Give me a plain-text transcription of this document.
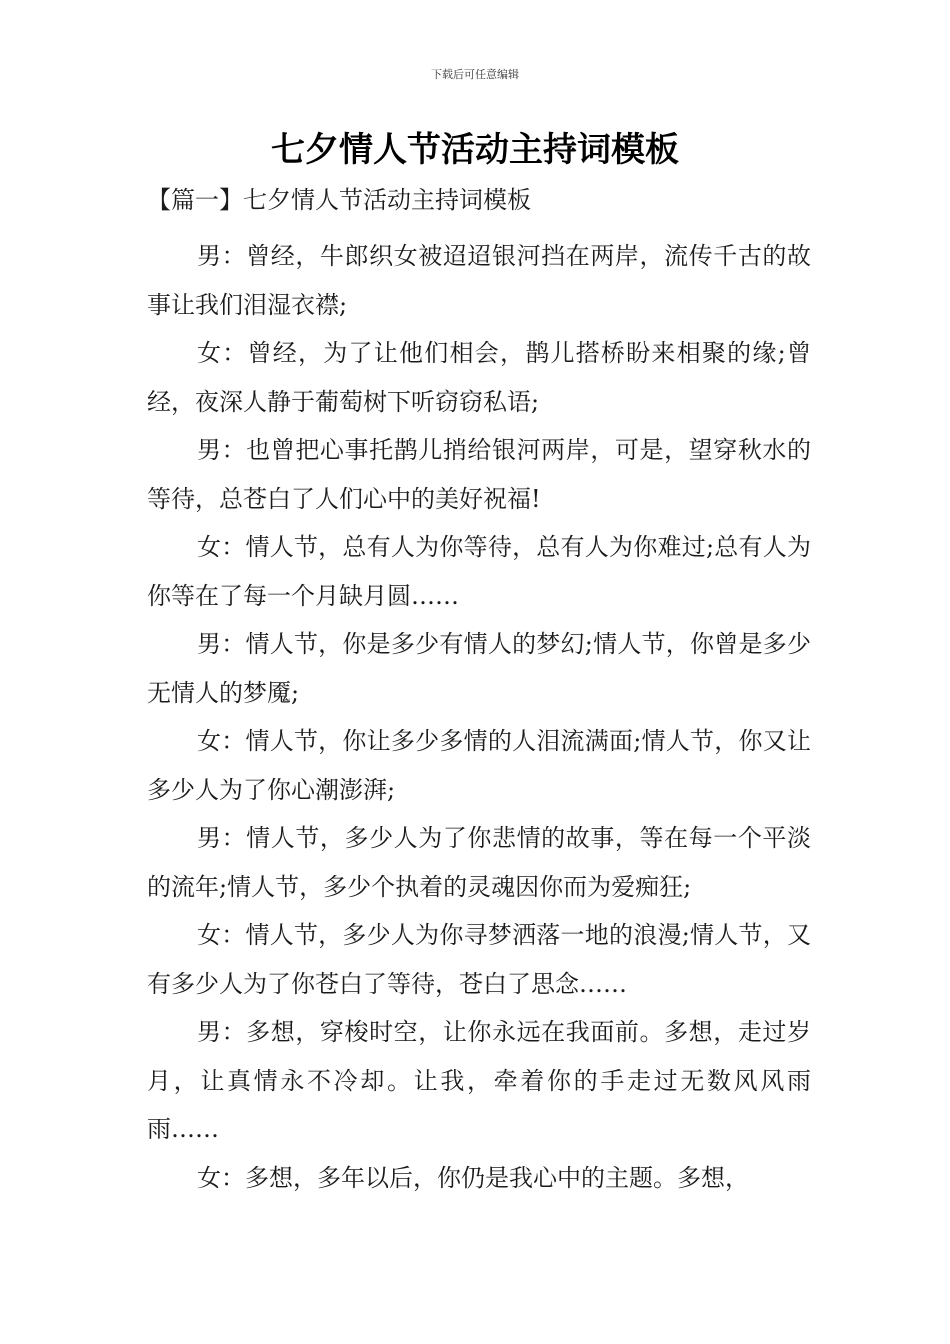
下载后可任意编辑
七夕情人节活动主持词模板
【篇一】七夕情人节活动主持词模板

男：曾经，牛郎织女被迢迢银河挡在两岸，流传千古的故事让我们泪湿衣襟;

女：曾经，为了让他们相会，鹊儿搭桥盼来相聚的缘;曾经，夜深人静于葡萄树下听窃窃私语;

男：也曾把心事托鹊儿捎给银河两岸，可是，望穿秋水的等待，总苍白了人们心中的美好祝福!

女：情人节，总有人为你等待，总有人为你难过;总有人为你等在了每一个月缺月圆……

男：情人节，你是多少有情人的梦幻;情人节，你曾是多少无情人的梦魇;

女：情人节，你让多少多情的人泪流满面;情人节，你又让多少人为了你心潮澎湃;

男：情人节，多少人为了你悲情的故事，等在每一个平淡的流年;情人节，多少个执着的灵魂因你而为爱痴狂;

女：情人节，多少人为你寻梦洒落一地的浪漫;情人节，又有多少人为了你苍白了等待，苍白了思念……

男：多想，穿梭时空，让你永远在我面前。多想，走过岁月，让真情永不冷却。让我，牵着你的手走过无数风风雨雨……

女：多想，多年以后，你仍是我心中的主题。多想，
